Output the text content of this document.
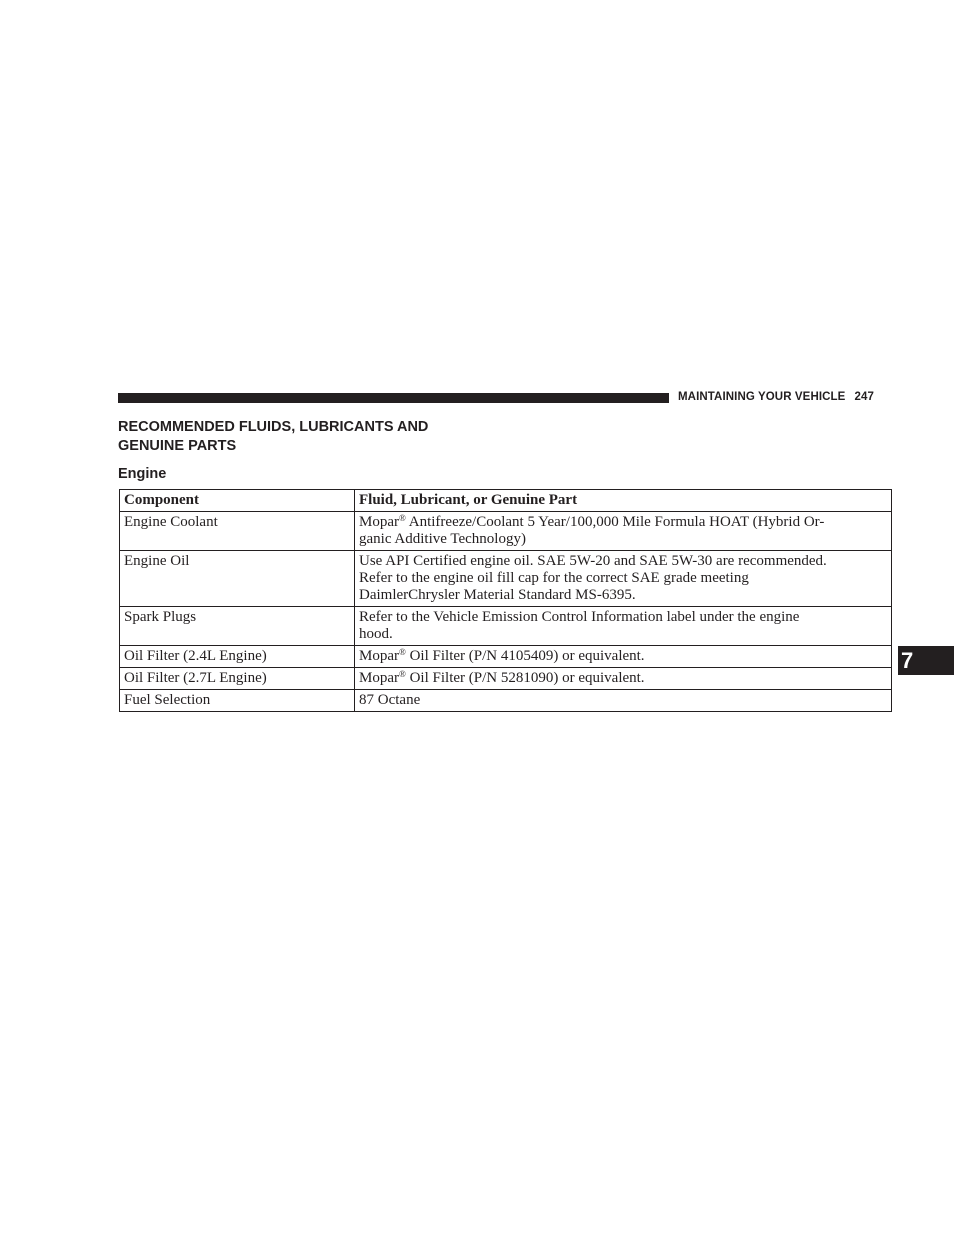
MAINTAINING YOUR VEHICLE 247
RECOMMENDED FLUIDS, LUBRICANTS AND
GENUINE PARTS
Engine
Component	Fluid, Lubricant, or Genuine Part
Engine Coolant	Mopar® Antifreeze/Coolant 5 Year/100,000 Mile Formula HOAT (Hybrid Or-
ganic Additive Technology)
Engine Oil	Use API Certified engine oil. SAE 5W-20 and SAE 5W-30 are recommended.
Refer to the engine oil fill cap for the correct SAE grade meeting
DaimlerChrysler Material Standard MS-6395.
Spark Plugs	Refer to the Vehicle Emission Control Information label under the engine
hood.
Oil Filter (2.4L Engine)	Mopar® Oil Filter (P/N 4105409) or equivalent.
Oil Filter (2.7L Engine)	Mopar® Oil Filter (P/N 5281090) or equivalent.
Fuel Selection	87 Octane
7
